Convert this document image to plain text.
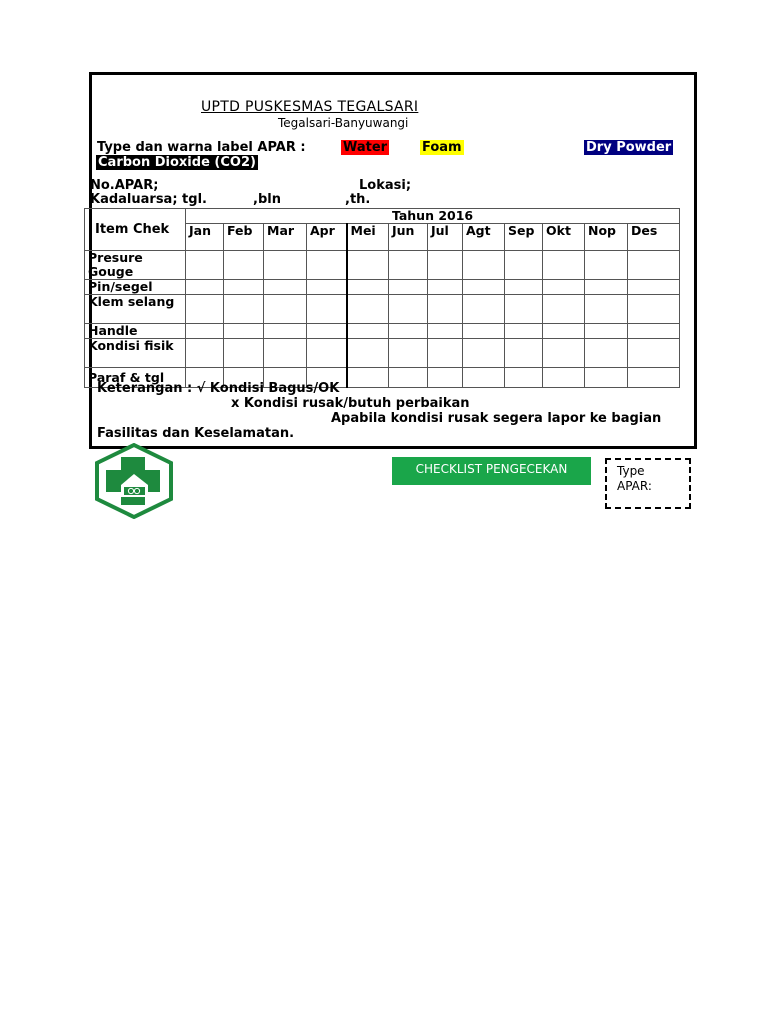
UPTD PUSKESMAS TEGALSARI
Tegalsari-Banyuwangi
Type dan warna label APAR :	Water	Foam	Dry Powder
Carbon Dioxide (CO2)
No.APAR;	Lokasi;
Kadaluarsa; tgl.	,bln	,th.
Item Chek	Tahun 2016											
	Jan	Feb	Mar	Apr	Mei	Jun	Jul	Agt	Sep	Okt	Nop	Des
Presure Gouge												
Pin/segel												
Klem selang												
Handle												
Kondisi fisik												
Paraf & tgl												
Keterangan : √ Kondisi Bagus/OK
x Kondisi rusak/butuh perbaikan
Apabila kondisi rusak segera lapor ke bagian
Fasilitas dan Keselamatan.
CHECKLIST PENGECEKAN	Type
APAR:
